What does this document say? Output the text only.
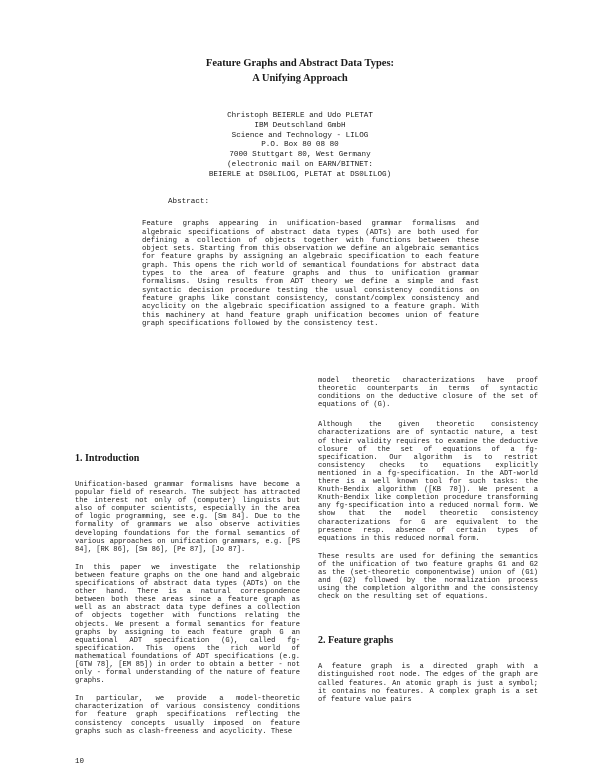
Feature Graphs and Abstract Data Types:
A Unifying Approach
Christoph BEIERLE and Udo PLETAT
IBM Deutschland GmbH
Science and Technology - LILOG
P.O. Box 80 08 80
7000 Stuttgart 80, West Germany
(electronic mail on EARN/BITNET:
BEIERLE at DS0LILOG, PLETAT at DS0LILOG)
Abstract:

Feature graphs appearing in unification-based grammar formalisms and algebraic specifications of abstract data types (ADTs) are both used for defining a collection of objects together with functions between these object sets. Starting from this observation we define an algebraic semantics for feature graphs by assigning an algebraic specification to each feature graph. This opens the rich world of semantical foundations for abstract data types to the area of feature graphs and thus to unification grammar formalisms. Using results from ADT theory we define a simple and fast syntactic decision procedure testing the usual consistency conditions on feature graphs like constant consistency, constant/complex consistency and acyclicity on the algebraic specification assigned to a feature graph. With this machinery at hand feature graph unification becomes union of feature graph specifications followed by the consistency test.

1. Introduction

Unification-based grammar formalisms have become a popular field of research. The subject has attracted the interest not only of (computer) linguists but also of computer scientists, especially in the area of logic programming, see e.g. [Sm 84]. Due to the formality of grammars we also observe activities developing foundations for the formal semantics of various approaches on unification grammars, e.g. [PS 84], [RK 86], [Sm 86], [Pe 87], [Jo 87].

In this paper we investigate the relationship between feature graphs on the one hand and algebraic specifications of abstract data types (ADTs) on the other hand. There is a natural correspondence between both these areas since a feature graph as well as an abstract data type defines a collection of objects together with functions relating the objects. We present a formal semantics for feature graphs by assigning to each feature graph G an equational ADT specification (G), called fg-specification. This opens the rich world of mathematical foundations of ADT specifications (e.g. [GTW 78], [EM 85]) in order to obtain a better - not only - formal understanding of the nature of feature graphs.

In particular, we provide a model-theoretic characterization of various consistency conditions for feature graph specifications reflecting the consistency concepts usually imposed on feature graphs such as clash-freeness and acyclicity. These

model theoretic characterizations have proof theoretic counterparts in terms of syntactic conditions on the deductive closure of the set of equations of (G).

Although the given theoretic consistency characterizations are of syntactic nature, a test of their validity requires to examine the deductive closure of the set of equations of a fg-specification. Our algorithm is to restrict consistency checks to equations explicitly mentioned in a fg-specification. In the ADT-world there is a well known tool for such tasks: the Knuth-Bendix algorithm ([KB 70]). We present a Knuth-Bendix like completion procedure transforming any fg-specification into a reduced normal form. We show that the model theoretic consistency characterizations for G are equivalent to the presence resp. absence of certain types of equations in this reduced normal form.

These results are used for defining the semantics of the unification of two feature graphs G1 and G2 as the (set-theoretic componentwise) union of (G1) and (G2) followed by the normalization process using the completion algorithm and the consistency check on the resulting set of equations.

2. Feature graphs

A feature graph is a directed graph with a distinguished root node. The edges of the graph are called features. An atomic graph is just a symbol; it contains no features. A complex graph is a set of feature value pairs

10
